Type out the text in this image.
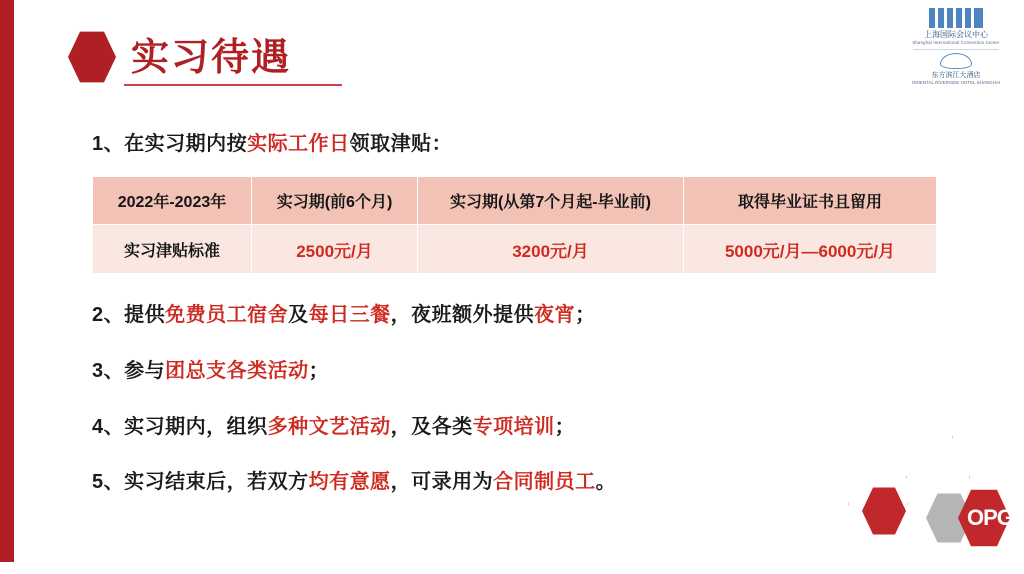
实习待遇
上海国际会议中心
Shanghai International Convention Center
东方滨江大酒店
ORIENTAL RIVERSIDE HOTEL SHANGHAI
1、在实习期内按实际工作日领取津贴：
2022年-2023年	实习期(前6个月)	实习期(从第7个月起-毕业前)	取得毕业证书且留用
实习津贴标准	2500元/月	3200元/月	5000元/月—6000元/月
2、提供免费员工宿舍及每日三餐，夜班额外提供夜宵；
3、参与团总支各类活动；
4、实习期内，组织多种文艺活动，及各类专项培训；
5、实习结束后，若双方均有意愿，可录用为合同制员工。
OPG
